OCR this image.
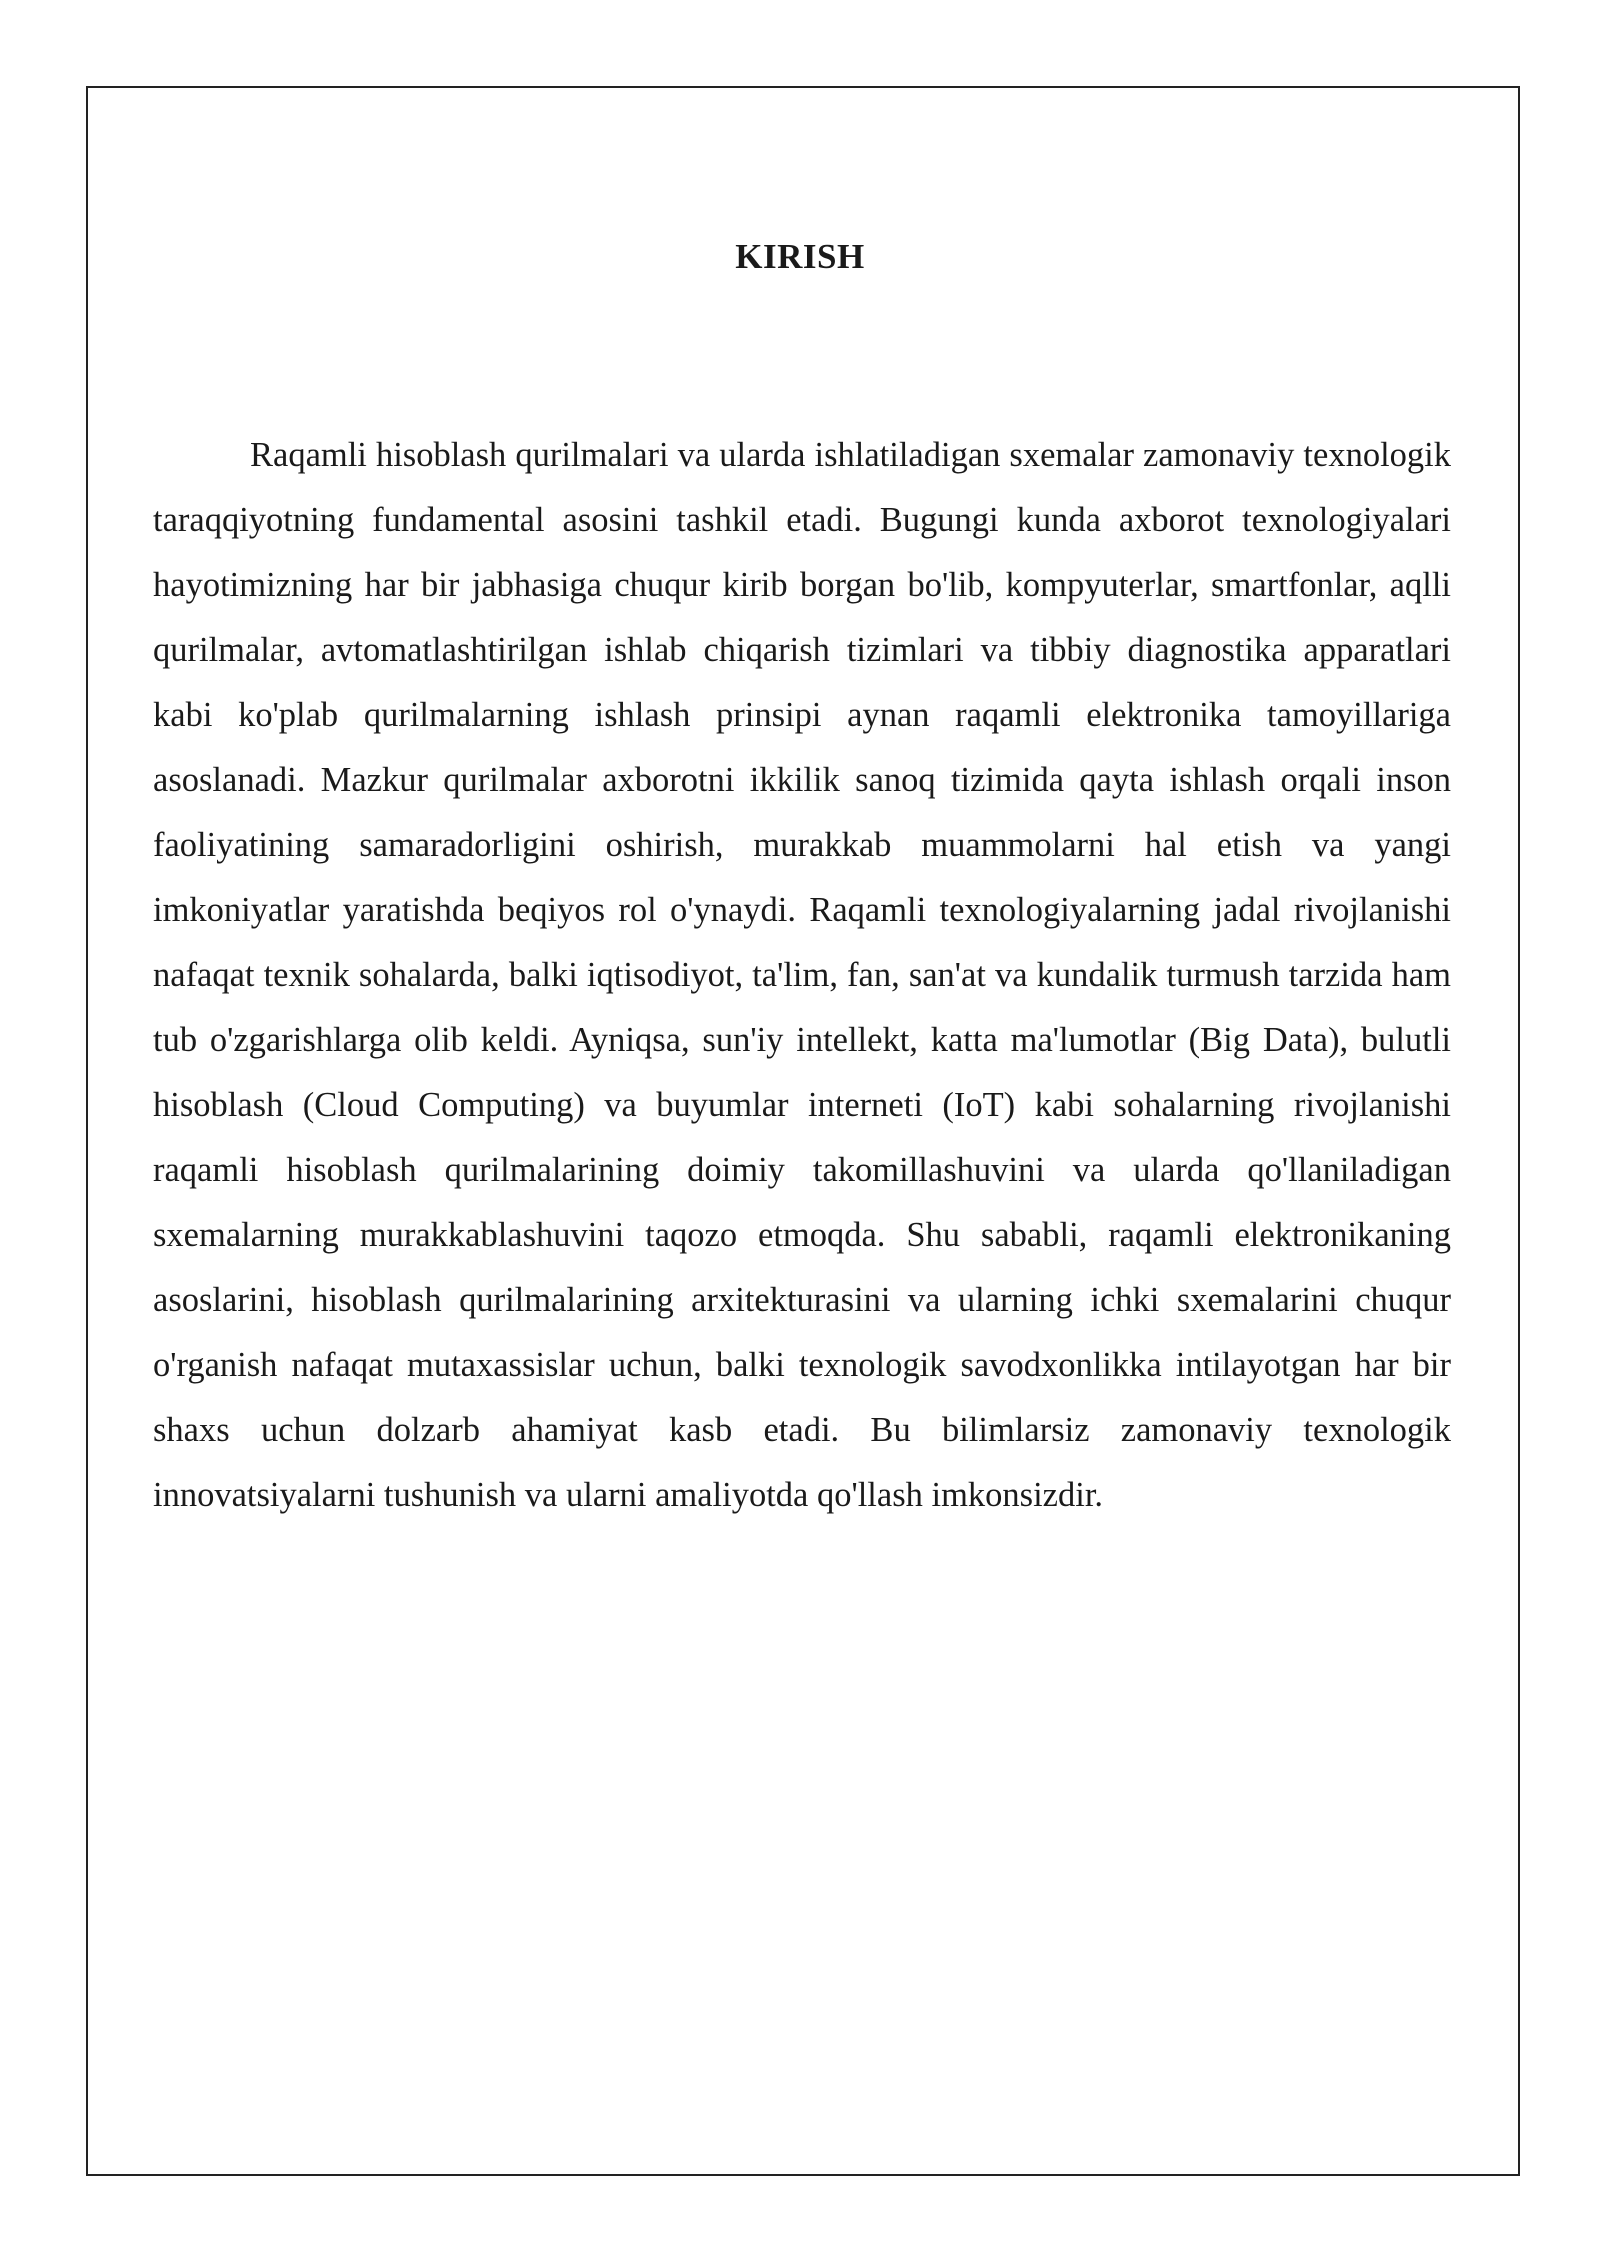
KIRISH

Raqamli hisoblash qurilmalari va ularda ishlatiladigan sxemalar zamonaviy texnologik taraqqiyotning fundamental asosini tashkil etadi. Bugungi kunda axborot texnologiyalari hayotimizning har bir jabhasiga chuqur kirib borgan bo'lib, kompyuterlar, smartfonlar, aqlli qurilmalar, avtomatlashtirilgan ishlab chiqarish tizimlari va tibbiy diagnostika apparatlari kabi ko'plab qurilmalarning ishlash prinsipi aynan raqamli elektronika tamoyillariga asoslanadi. Mazkur qurilmalar axborotni ikkilik sanoq tizimida qayta ishlash orqali inson faoliyatining samaradorligini oshirish, murakkab muammolarni hal etish va yangi imkoniyatlar yaratishda beqiyos rol o'ynaydi. Raqamli texnologiyalarning jadal rivojlanishi nafaqat texnik sohalarda, balki iqtisodiyot, ta'lim, fan, san'at va kundalik turmush tarzida ham tub o'zgarishlarga olib keldi. Ayniqsa, sun'iy intellekt, katta ma'lumotlar (Big Data), bulutli hisoblash (Cloud Computing) va buyumlar interneti (IoT) kabi sohalarning rivojlanishi raqamli hisoblash qurilmalarining doimiy takomillashuvini va ularda qo'llaniladigan sxemalarning murakkablashuvini taqozo etmoqda. Shu sababli, raqamli elektronikaning asoslarini, hisoblash qurilmalarining arxitekturasini va ularning ichki sxemalarini chuqur o'rganish nafaqat mutaxassislar uchun, balki texnologik savodxonlikka intilayotgan har bir shaxs uchun dolzarb ahamiyat kasb etadi. Bu bilimlarsiz zamonaviy texnologik innovatsiyalarni tushunish va ularni amaliyotda qo'llash imkonsizdir.
